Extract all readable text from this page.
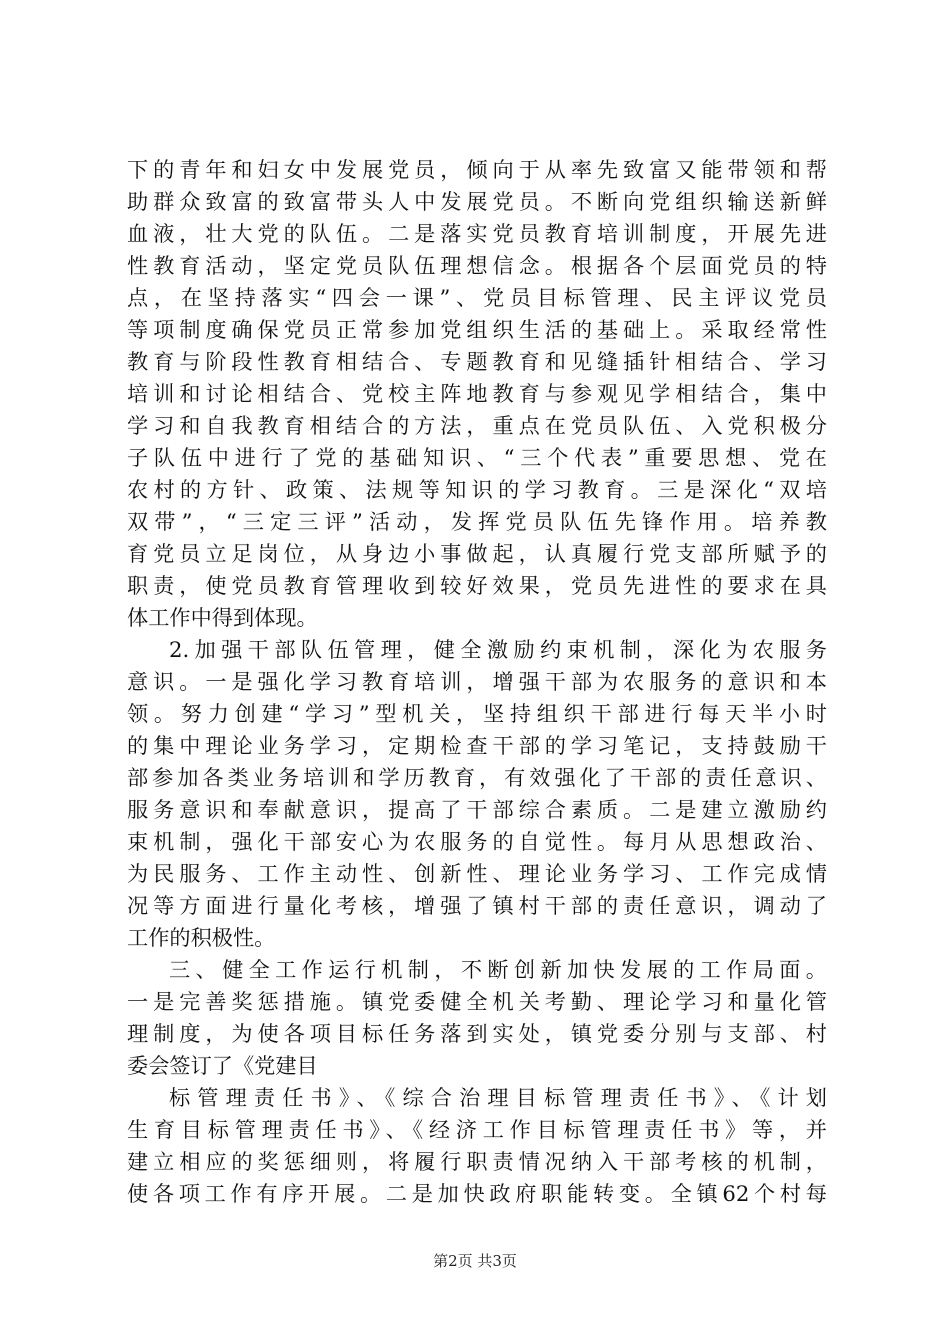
下的青年和妇女中发展党员，倾向于从率先致富又能带领和帮
助群众致富的致富带头人中发展党员。不断向党组织输送新鲜
血液，壮大党的队伍。二是落实党员教育培训制度，开展先进
性教育活动，坚定党员队伍理想信念。根据各个层面党员的特
点，在坚持落实“四会一课”、党员目标管理、民主评议党员
等项制度确保党员正常参加党组织生活的基础上。采取经常性
教育与阶段性教育相结合、专题教育和见缝插针相结合、学习
培训和讨论相结合、党校主阵地教育与参观见学相结合，集中
学习和自我教育相结合的方法，重点在党员队伍、入党积极分
子队伍中进行了党的基础知识、“三个代表”重要思想、党在
农村的方针、政策、法规等知识的学习教育。三是深化“双培
双带”，“三定三评”活动，发挥党员队伍先锋作用。培养教
育党员立足岗位，从身边小事做起，认真履行党支部所赋予的
职责，使党员教育管理收到较好效果，党员先进性的要求在具
体工作中得到体现。
2.加强干部队伍管理，健全激励约束机制，深化为农服务
意识。一是强化学习教育培训，增强干部为农服务的意识和本
领。努力创建“学习”型机关，坚持组织干部进行每天半小时
的集中理论业务学习，定期检查干部的学习笔记，支持鼓励干
部参加各类业务培训和学历教育，有效强化了干部的责任意识、
服务意识和奉献意识，提高了干部综合素质。二是建立激励约
束机制，强化干部安心为农服务的自觉性。每月从思想政治、
为民服务、工作主动性、创新性、理论业务学习、工作完成情
况等方面进行量化考核，增强了镇村干部的责任意识，调动了
工作的积极性。
三、健全工作运行机制，不断创新加快发展的工作局面。
一是完善奖惩措施。镇党委健全机关考勤、理论学习和量化管
理制度，为使各项目标任务落到实处，镇党委分别与支部、村
委会签订了《党建目
标管理责任书》、《综合治理目标管理责任书》、《计划
生育目标管理责任书》、《经济工作目标管理责任书》等，并
建立相应的奖惩细则，将履行职责情况纳入干部考核的机制，
使各项工作有序开展。二是加快政府职能转变。全镇62个村每
第2页 共3页
